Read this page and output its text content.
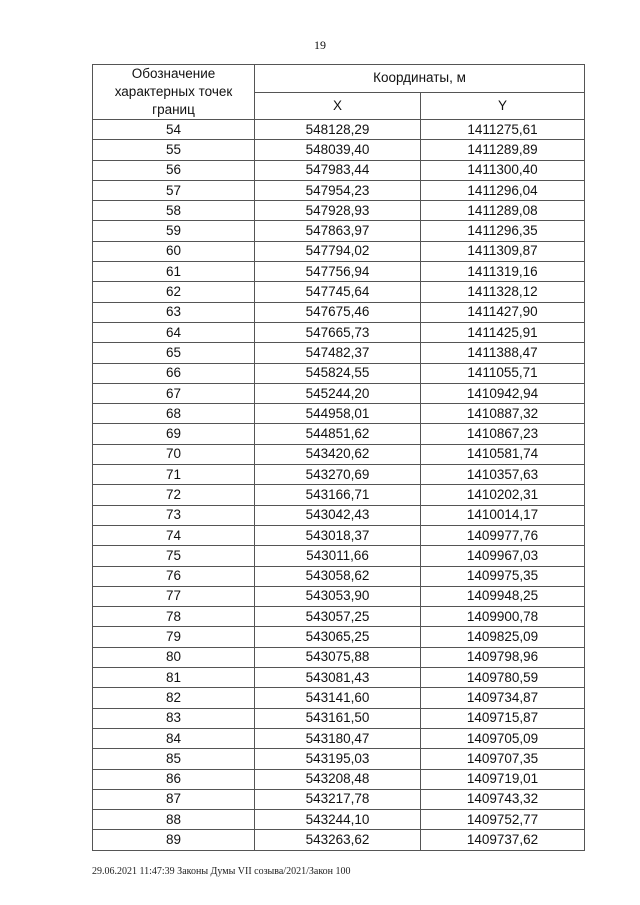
19
Обозначение характерных точек границ	Координаты, м	
	X	Y
54	548128,29	1411275,61
55	548039,40	1411289,89
56	547983,44	1411300,40
57	547954,23	1411296,04
58	547928,93	1411289,08
59	547863,97	1411296,35
60	547794,02	1411309,87
61	547756,94	1411319,16
62	547745,64	1411328,12
63	547675,46	1411427,90
64	547665,73	1411425,91
65	547482,37	1411388,47
66	545824,55	1411055,71
67	545244,20	1410942,94
68	544958,01	1410887,32
69	544851,62	1410867,23
70	543420,62	1410581,74
71	543270,69	1410357,63
72	543166,71	1410202,31
73	543042,43	1410014,17
74	543018,37	1409977,76
75	543011,66	1409967,03
76	543058,62	1409975,35
77	543053,90	1409948,25
78	543057,25	1409900,78
79	543065,25	1409825,09
80	543075,88	1409798,96
81	543081,43	1409780,59
82	543141,60	1409734,87
83	543161,50	1409715,87
84	543180,47	1409705,09
85	543195,03	1409707,35
86	543208,48	1409719,01
87	543217,78	1409743,32
88	543244,10	1409752,77
89	543263,62	1409737,62
29.06.2021 11:47:39 Законы Думы VII созыва/2021/Закон 100
